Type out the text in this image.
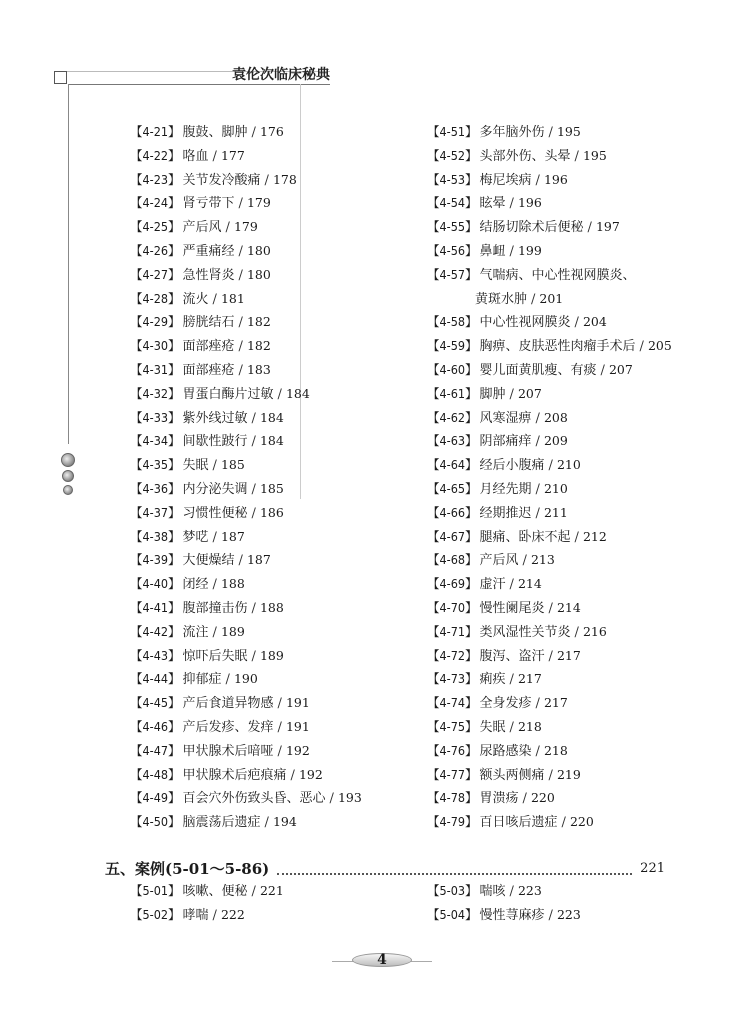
袁伦次临床秘典
【4-21】 腹鼓、脚肿 / 176
【4-22】 咯血 / 177
【4-23】 关节发冷酸痛 / 178
【4-24】 肾亏带下 / 179
【4-25】 产后风 / 179
【4-26】 严重痛经 / 180
【4-27】 急性肾炎 / 180
【4-28】 流火 / 181
【4-29】 膀胱结石 / 182
【4-30】 面部痤疮 / 182
【4-31】 面部痤疮 / 183
【4-32】 胃蛋白酶片过敏 / 184
【4-33】 紫外线过敏 / 184
【4-34】 间歇性跛行 / 184
【4-35】 失眠 / 185
【4-36】 内分泌失调 / 185
【4-37】 习惯性便秘 / 186
【4-38】 梦呓 / 187
【4-39】 大便燥结 / 187
【4-40】 闭经 / 188
【4-41】 腹部撞击伤 / 188
【4-42】 流注 / 189
【4-43】 惊吓后失眠 / 189
【4-44】 抑郁症 / 190
【4-45】 产后食道异物感 / 191
【4-46】 产后发疹、发痒 / 191
【4-47】 甲状腺术后喑哑 / 192
【4-48】 甲状腺术后疤痕痛 / 192
【4-49】 百会穴外伤致头昏、恶心 / 193
【4-50】 脑震荡后遗症 / 194
【4-51】 多年脑外伤 / 195
【4-52】 头部外伤、头晕 / 195
【4-53】 梅尼埃病 / 196
【4-54】 眩晕 / 196
【4-55】 结肠切除术后便秘 / 197
【4-56】 鼻衄 / 199
【4-57】 气喘病、中心性视网膜炎、
黄斑水肿 / 201
【4-58】 中心性视网膜炎 / 204
【4-59】 胸痹、皮肤恶性肉瘤手术后 / 205
【4-60】 婴儿面黄肌瘦、有痰 / 207
【4-61】 脚肿 / 207
【4-62】 风寒湿痹 / 208
【4-63】 阴部痛痒 / 209
【4-64】 经后小腹痛 / 210
【4-65】 月经先期 / 210
【4-66】 经期推迟 / 211
【4-67】 腿痛、卧床不起 / 212
【4-68】 产后风 / 213
【4-69】 虚汗 / 214
【4-70】 慢性阑尾炎 / 214
【4-71】 类风湿性关节炎 / 216
【4-72】 腹泻、盗汗 / 217
【4-73】 痢疾 / 217
【4-74】 全身发疹 / 217
【4-75】 失眠 / 218
【4-76】 尿路感染 / 218
【4-77】 额头两侧痛 / 219
【4-78】 胃溃疡 / 220
【4-79】 百日咳后遗症 / 220
五、案例(5-01～5-86)	221
【5-01】 咳嗽、便秘 / 221
【5-02】 哮喘 / 222
【5-03】 喘咳 / 223
【5-04】 慢性荨麻疹 / 223
4
